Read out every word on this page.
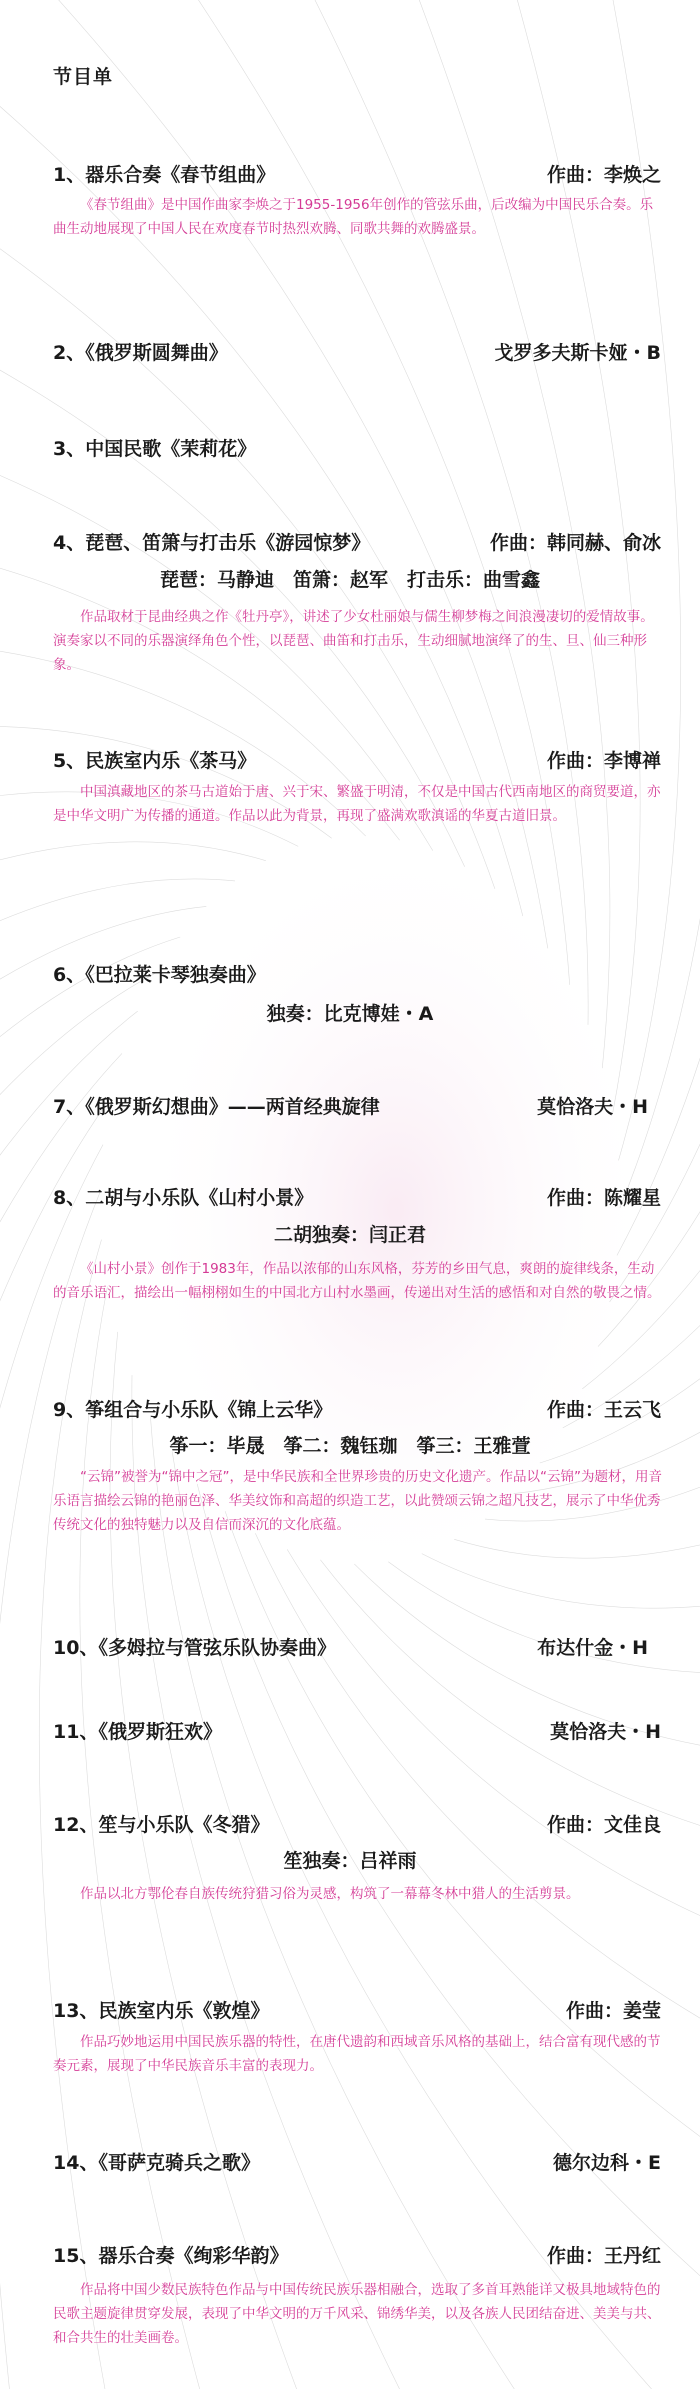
节目单
1、器乐合奏《春节组曲》	作曲：李焕之
《春节组曲》是中国作曲家李焕之于1955-1956年创作的管弦乐曲，后改编为中国民乐合奏。乐曲生动地展现了中国人民在欢度春节时热烈欢腾、同歌共舞的欢腾盛景。
2、《俄罗斯圆舞曲》	戈罗多夫斯卡娅・B
3、中国民歌《茉莉花》
4、琵琶、笛箫与打击乐《游园惊梦》	作曲：韩同赫、俞冰
琵琶：马静迪　笛箫：赵军　打击乐：曲雪鑫
作品取材于昆曲经典之作《牡丹亭》，讲述了少女杜丽娘与儒生柳梦梅之间浪漫凄切的爱情故事。演奏家以不同的乐器演绎角色个性，以琵琶、曲笛和打击乐，生动细腻地演绎了的生、旦、仙三种形象。
5、民族室内乐《茶马》	作曲：李博禅
中国滇藏地区的茶马古道始于唐、兴于宋、繁盛于明清，不仅是中国古代西南地区的商贸要道，亦是中华文明广为传播的通道。作品以此为背景，再现了盛满欢歌滇谣的华夏古道旧景。
6、《巴拉莱卡琴独奏曲》
独奏：比克博娃・A
7、《俄罗斯幻想曲》——两首经典旋律	莫恰洛夫・H
8、二胡与小乐队《山村小景》	作曲：陈耀星
二胡独奏：闫正君
《山村小景》创作于1983年，作品以浓郁的山东风格，芬芳的乡田气息，爽朗的旋律线条，生动的音乐语汇，描绘出一幅栩栩如生的中国北方山村水墨画，传递出对生活的感悟和对自然的敬畏之情。
9、筝组合与小乐队《锦上云华》	作曲：王云飞
筝一：毕晟　筝二：魏钰珈　筝三：王雅萱
“云锦”被誉为“锦中之冠”，是中华民族和全世界珍贵的历史文化遗产。作品以“云锦”为题材，用音乐语言描绘云锦的艳丽色泽、华美纹饰和高超的织造工艺，以此赞颂云锦之超凡技艺，展示了中华优秀传统文化的独特魅力以及自信而深沉的文化底蕴。
10、《多姆拉与管弦乐队协奏曲》	布达什金・H
11、《俄罗斯狂欢》	莫恰洛夫・H
12、笙与小乐队《冬猎》	作曲：文佳良
笙独奏：吕祥雨
作品以北方鄂伦春自族传统狩猎习俗为灵感，构筑了一幕幕冬林中猎人的生活剪景。
13、民族室内乐《敦煌》	作曲：姜莹
作品巧妙地运用中国民族乐器的特性，在唐代遗韵和西域音乐风格的基础上，结合富有现代感的节奏元素，展现了中华民族音乐丰富的表现力。
14、《哥萨克骑兵之歌》	德尔边科・E
15、器乐合奏《绚彩华韵》	作曲：王丹红
作品将中国少数民族特色作品与中国传统民族乐器相融合，选取了多首耳熟能详又极具地域特色的民歌主题旋律贯穿发展，表现了中华文明的万千风采、锦绣华美，以及各族人民团结奋进、美美与共、和合共生的壮美画卷。
